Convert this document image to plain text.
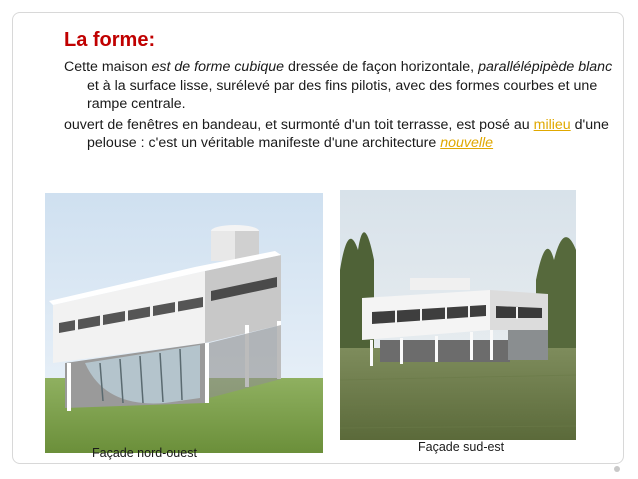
La forme:

Cette maison est de forme cubique dressée de façon horizontale, parallélépipède blanc et à la surface lisse, surélevé par des fins pilotis, avec des formes courbes et une rampe centrale.

ouvert de fenêtres en bandeau, et surmonté d'un toit terrasse, est posé au milieu d'une pelouse : c'est un véritable manifeste d'une architecture nouvelle

Façade nord-ouest	Façade sud-est
